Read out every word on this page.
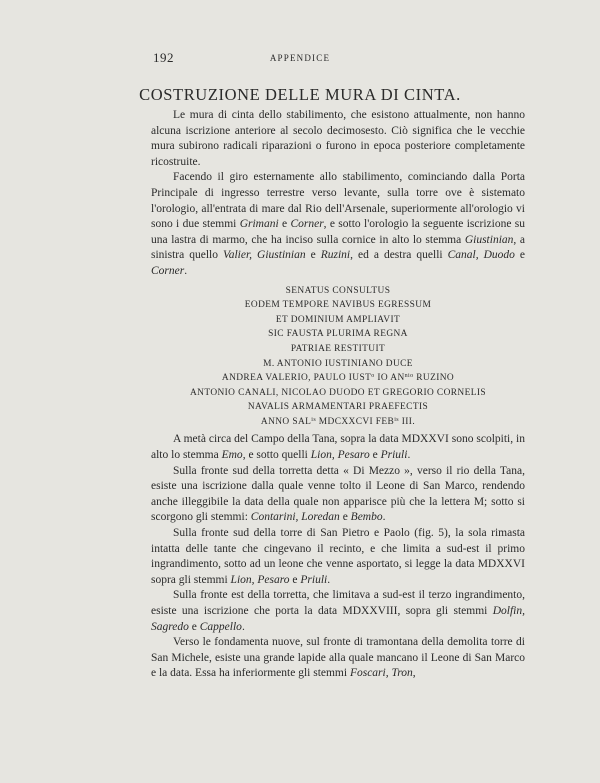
192	APPENDICE
COSTRUZIONE DELLE MURA DI CINTA.

Le mura di cinta dello stabilimento, che esistono attualmente, non hanno alcuna iscrizione anteriore al secolo decimosesto. Ciò significa che le vecchie mura subirono radicali riparazioni o furono in epoca posteriore completamente ricostruite.

Facendo il giro esternamente allo stabilimento, cominciando dalla Porta Principale di ingresso terrestre verso levante, sulla torre ove è sistemato l'orologio, all'entrata di mare dal Rio dell'Arsenale, superiormente all'orologio vi sono i due stemmi Grimani e Corner, e sotto l'orologio la seguente iscrizione su una lastra di marmo, che ha inciso sulla cornice in alto lo stemma Giustinian, a sinistra quello Valier, Giustinian e Ruzini, ed a destra quelli Canal, Duodo e Corner.

SENATUS CONSULTUS
EODEM TEMPORE NAVIBUS EGRESSUM
ET DOMINIUM AMPLIAVIT
SIC FAUSTA PLURIMA REGNA
PATRIAE RESTITUIT
M. ANTONIO IUSTINIANO DUCE
ANDREA VALERIO, PAULO IUST$^o$ IO $AN^{nio}$ RUZINO
ANTONIO CANALI, NICOLAO DUODO ET GREGORIO CORNELIS
NAVALIS ARMAMENTARI PRAEFECTIS
ANNO $SAL^{is}$ MDCXXCVI $FEB^{is}$ III.

A metà circa del Campo della Tana, sopra la data MDXXVI sono scolpiti, in alto lo stemma Emo, e sotto quelli Lion, Pesaro e Priuli.

Sulla fronte sud della torretta detta « Di Mezzo », verso il rio della Tana, esiste una iscrizione dalla quale venne tolto il Leone di San Marco, rendendo anche illeggibile la data della quale non apparisce più che la lettera M; sotto si scorgono gli stemmi: Contarini, Loredan e Bembo.

Sulla fronte sud della torre di San Pietro e Paolo (fig. 5), la sola rimasta intatta delle tante che cingevano il recinto, e che limita a sud-est il primo ingrandimento, sotto ad un leone che venne asportato, si legge la data MDXXVI sopra gli stemmi Lion, Pesaro e Priuli.

Sulla fronte est della torretta, che limitava a sud-est il terzo ingrandimento, esiste una iscrizione che porta la data MDXXVIII, sopra gli stemmi Dolfin, Sagredo e Cappello.

Verso le fondamenta nuove, sul fronte di tramontana della demolita torre di San Michele, esiste una grande lapide alla quale mancano il Leone di San Marco e la data. Essa ha inferiormente gli stemmi Foscari, Tron,
